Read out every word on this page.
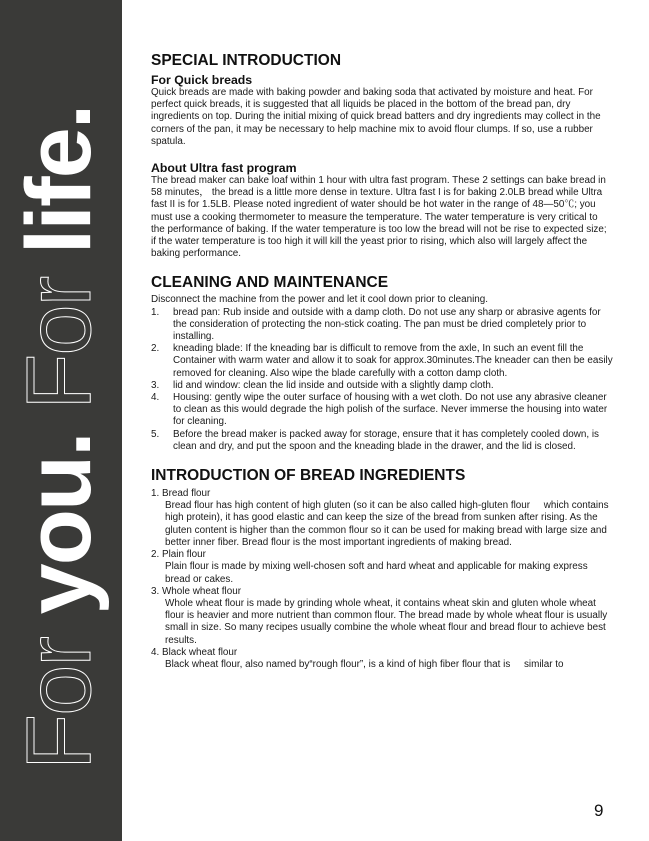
For you. For life.
SPECIAL INTRODUCTION
For Quick breads

Quick breads are made with baking powder and baking soda that activated by moisture and heat. For perfect quick breads, it is suggested that all liquids be placed in the bottom of the bread pan, dry ingredients on top. During the initial mixing of quick bread batters and dry ingredients may collect in the corners of the pan, it may be necessary to help machine mix to avoid flour clumps. If so, use a rubber spatula.

About Ultra fast program

The bread maker can bake loaf within 1 hour with ultra fast program. These 2 settings can bake bread in 58 minutes， the bread is a little more dense in texture. Ultra fast I is for baking 2.0LB bread while Ultra fast II is for 1.5LB. Please noted ingredient of water should be hot water in the range of 48—50℃; you must use a cooking thermometer to measure the temperature. The water temperature is very critical to the performance of baking. If the water temperature is too low the bread will not be rise to expected size; if the water temperature is too high it will kill the yeast prior to rising, which also will largely affect the baking performance.

CLEANING AND MAINTENANCE

Disconnect the machine from the power and let it cool down prior to cleaning.

1. bread pan: Rub inside and outside with a damp cloth. Do not use any sharp or abrasive agents for the consideration of protecting the non-stick coating. The pan must be dried completely prior to installing.
2. kneading blade: If the kneading bar is difficult to remove from the axle, In such an event fill the Container with warm water and allow it to soak for approx.30minutes.The kneader can then be easily removed for cleaning. Also wipe the blade carefully with a cotton damp cloth.
3. lid and window: clean the lid inside and outside with a slightly damp cloth.
4. Housing: gently wipe the outer surface of housing with a wet cloth. Do not use any abrasive cleaner to clean as this would degrade the high polish of the surface. Never immerse the housing into water for cleaning.
5. Before the bread maker is packed away for storage, ensure that it has completely cooled down, is clean and dry, and put the spoon and the kneading blade in the drawer, and the lid is closed.
INTRODUCTION OF BREAD INGREDIENTS
1. Bread flour
Bread flour has high content of high gluten (so it can be also called high-gluten flour     which contains high protein), it has good elastic and can keep the size of the bread from sunken after rising. As the gluten content is higher than the common flour so it can be used for making bread with large size and better inner fiber. Bread flour is the most important ingredients of making bread.
2. Plain flour
Plain flour is made by mixing well-chosen soft and hard wheat and applicable for making express bread or cakes.
3. Whole wheat flour
Whole wheat flour is made by grinding whole wheat, it contains wheat skin and gluten whole wheat flour is heavier and more nutrient than common flour. The bread made by whole wheat flour is usually small in size. So many recipes usually combine the whole wheat flour and bread flour to achieve best results.
4. Black wheat flour
Black wheat flour, also named by“rough flour”, is a kind of high fiber flour that is     similar to
9
